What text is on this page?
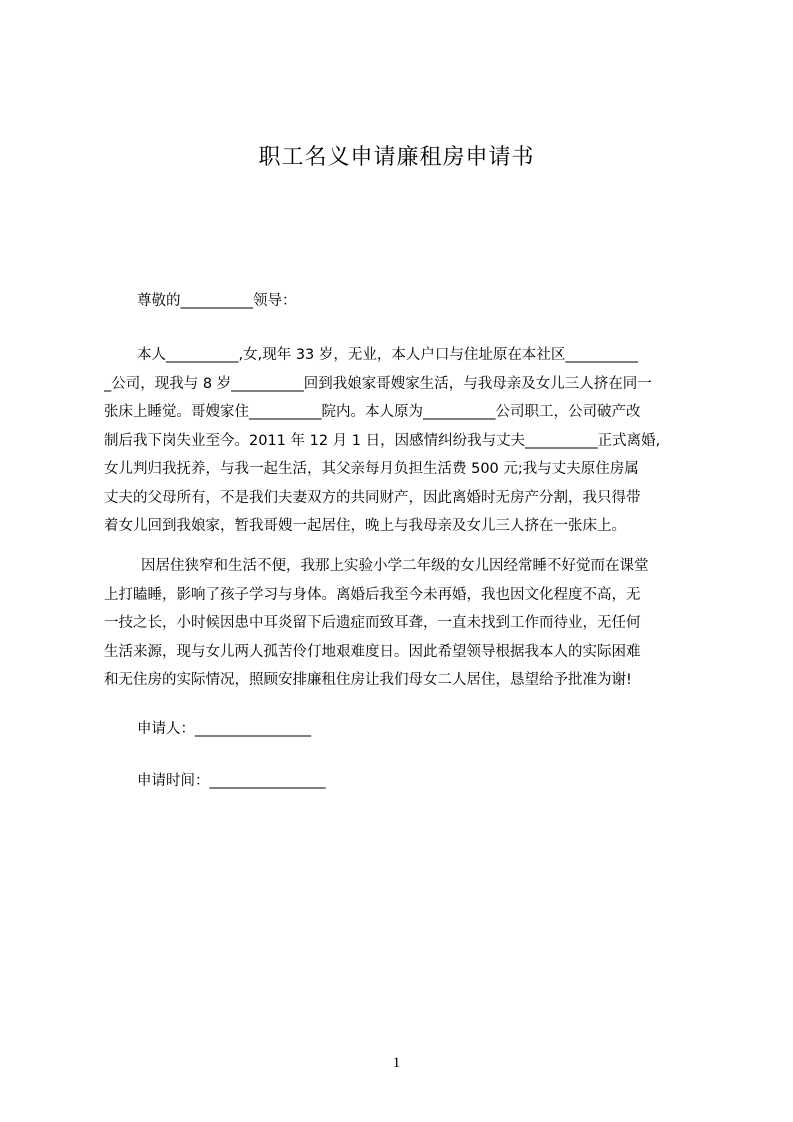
职工名义申请廉租房申请书
尊敬的__________领导：
本人__________,女,现年 33 岁，无业，本人户口与住址原在本社区__________
_公司，现我与 8 岁__________回到我娘家哥嫂家生活，与我母亲及女儿三人挤在同一
张床上睡觉。哥嫂家住__________院内。本人原为__________公司职工，公司破产改
制后我下岗失业至今。2011 年 12 月 1 日，因感情纠纷我与丈夫__________正式离婚,
女儿判归我抚养，与我一起生活，其父亲每月负担生活费 500 元;我与丈夫原住房属
丈夫的父母所有，不是我们夫妻双方的共同财产，因此离婚时无房产分割，我只得带
着女儿回到我娘家，暂我哥嫂一起居住，晚上与我母亲及女儿三人挤在一张床上。
因居住狭窄和生活不便，我那上实验小学二年级的女儿因经常睡不好觉而在课堂
上打瞌睡，影响了孩子学习与身体。离婚后我至今未再婚，我也因文化程度不高，无
一技之长，小时候因患中耳炎留下后遗症而致耳聋，一直未找到工作而待业，无任何
生活来源，现与女儿两人孤苦伶仃地艰难度日。因此希望领导根据我本人的实际困难
和无住房的实际情况，照顾安排廉租住房让我们母女二人居住，恳望给予批准为谢!
申请人：________________
申请时间：________________
1
